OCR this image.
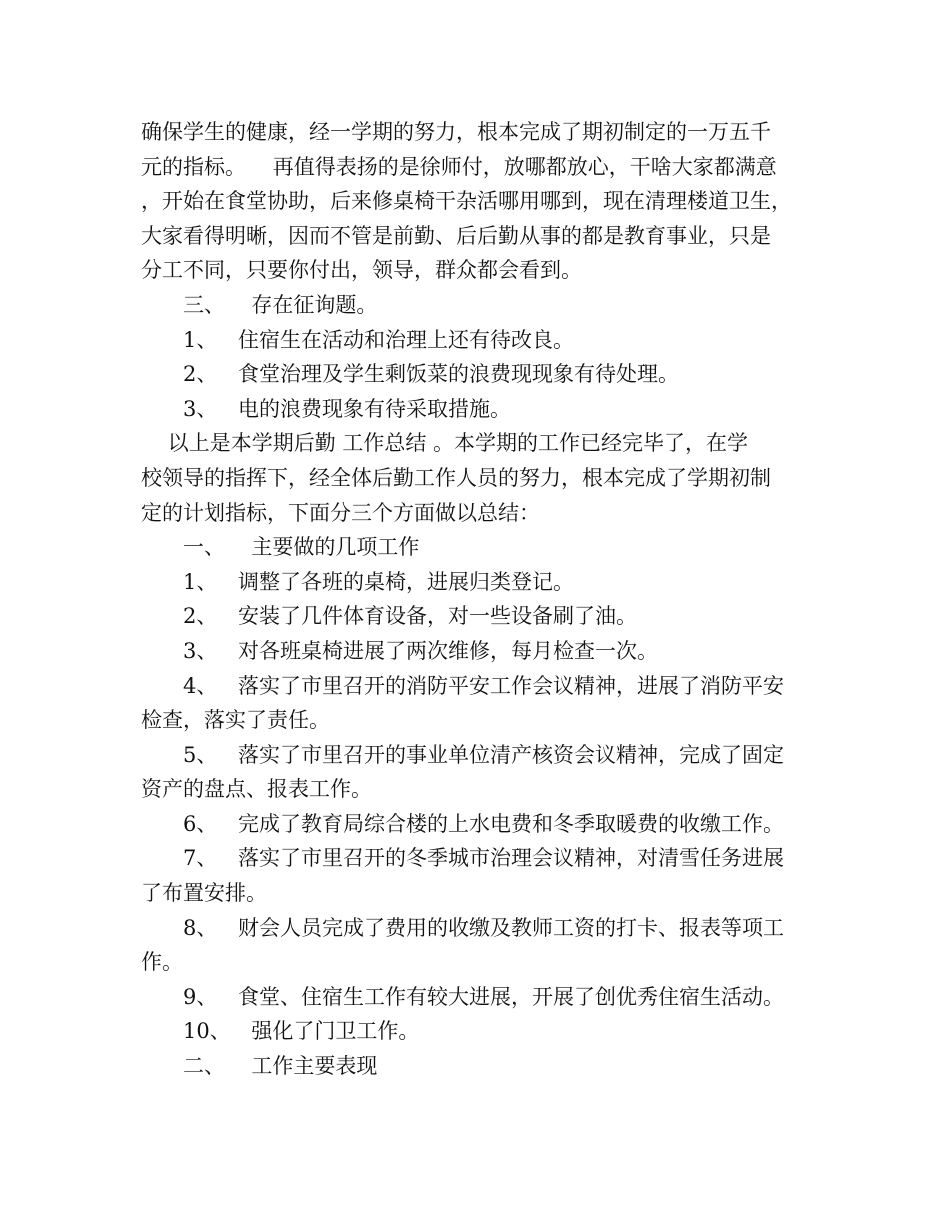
确保学生的健康，经一学期的努力，根本完成了期初制定的一万五千
元的指标。    再值得表扬的是徐师付，放哪都放心，干啥大家都满意
，开始在食堂协助，后来修桌椅干杂活哪用哪到，现在清理楼道卫生，
大家看得明晰，因而不管是前勤、后后勤从事的都是教育事业，只是
分工不同，只要你付出，领导，群众都会看到。
三、  存在征询题。
1、 住宿生在活动和治理上还有待改良。
2、 食堂治理及学生剩饭菜的浪费现现象有待处理。
3、 电的浪费现象有待采取措施。
以上是本学期后勤 工作总结 。本学期的工作已经完毕了，在学
校领导的指挥下，经全体后勤工作人员的努力，根本完成了学期初制
定的计划指标，下面分三个方面做以总结：
一、  主要做的几项工作
1、 调整了各班的桌椅，进展归类登记。
2、 安装了几件体育设备，对一些设备刷了油。
3、 对各班桌椅进展了两次维修，每月检查一次。
4、 落实了市里召开的消防平安工作会议精神，进展了消防平安
检查，落实了责任。
5、 落实了市里召开的事业单位清产核资会议精神，完成了固定
资产的盘点、报表工作。
6、 完成了教育局综合楼的上水电费和冬季取暖费的收缴工作。
7、 落实了市里召开的冬季城市治理会议精神，对清雪任务进展
了布置安排。
8、 财会人员完成了费用的收缴及教师工资的打卡、报表等项工
作。
9、 食堂、住宿生工作有较大进展，开展了创优秀住宿生活动。
10、  强化了门卫工作。
二、  工作主要表现
